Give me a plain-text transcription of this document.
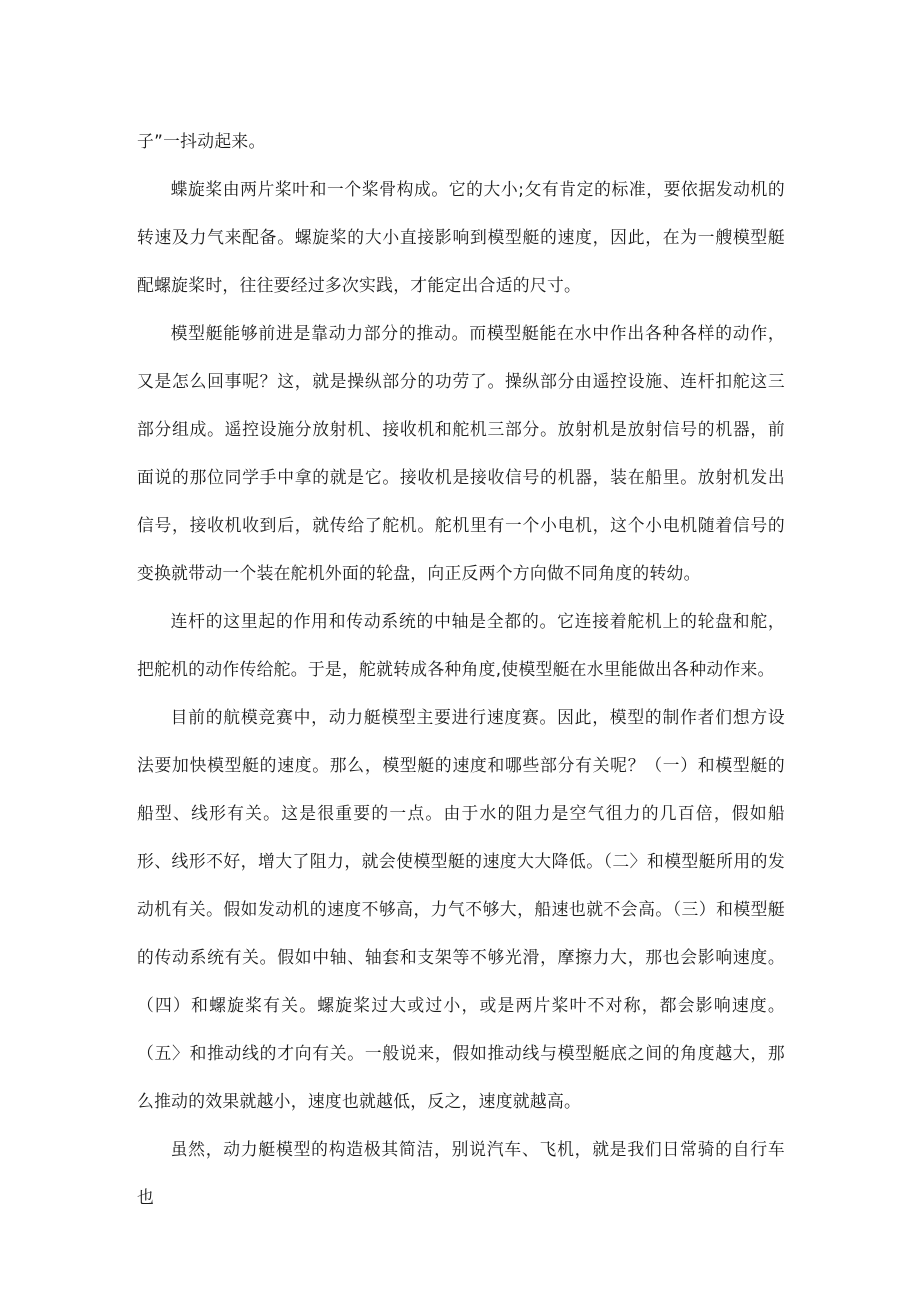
子”一抖动起来。

蝶旋桨由两片桨叶和一个桨骨构成。它的大小;攵有肯定的标准，要依据发动机的转速及力气来配备。螺旋桨的大小直接影响到模型艇的速度，因此，在为一艘模型艇配螺旋桨时，往往要经过多次实践，才能定出合适的尺寸。

模型艇能够前进是靠动力部分的推动。而模型艇能在水中作出各种各样的动作，又是怎么回事呢？这，就是操纵部分的功劳了。操纵部分由遥控设施、连杆扣舵这三部分组成。遥控设施分放射机、接收机和舵机三部分。放射机是放射信号的机器，前面说的那位同学手中拿的就是它。接收机是接收信号的机器，装在船里。放射机发出信号，接收机收到后，就传给了舵机。舵机里有一个小电机，这个小电机随着信号的变换就带动一个装在舵机外面的轮盘，向正反两个方向做不同角度的转幼。

连杆的这里起的作用和传动系统的中轴是全都的。它连接着舵机上的轮盘和舵，把舵机的动作传给舵。于是，舵就转成各种角度,使模型艇在水里能做出各种动作来。

目前的航模竞赛中，动力艇模型主要进行速度赛。因此，模型的制作者们想方设法要加快模型艇的速度。那么，模型艇的速度和哪些部分有关呢？（一）和模型艇的船型、线形有关。这是很重要的一点。由于水的阻力是空气徂力的几百倍，假如船形、线形不好，增大了阻力，就会使模型艇的速度大大降低。（二〉和模型艇所用的发动机有关。假如发动机的速度不够高，力气不够大，船速也就不会高。（三）和模型艇的传动系统有关。假如中轴、轴套和支架等不够光滑，摩擦力大，那也会影响速度。（四）和螺旋桨有关。螺旋桨过大或过小，或是两片桨叶不对称，都会影响速度。（五〉和推动线的才向有关。一般说来，假如推动线与模型艇底之间的角度越大，那么推动的效果就越小，速度也就越低，反之，速度就越高。

虽然，动力艇模型的构造极其简洁，别说汽车、飞机，就是我们日常骑的自行车也
